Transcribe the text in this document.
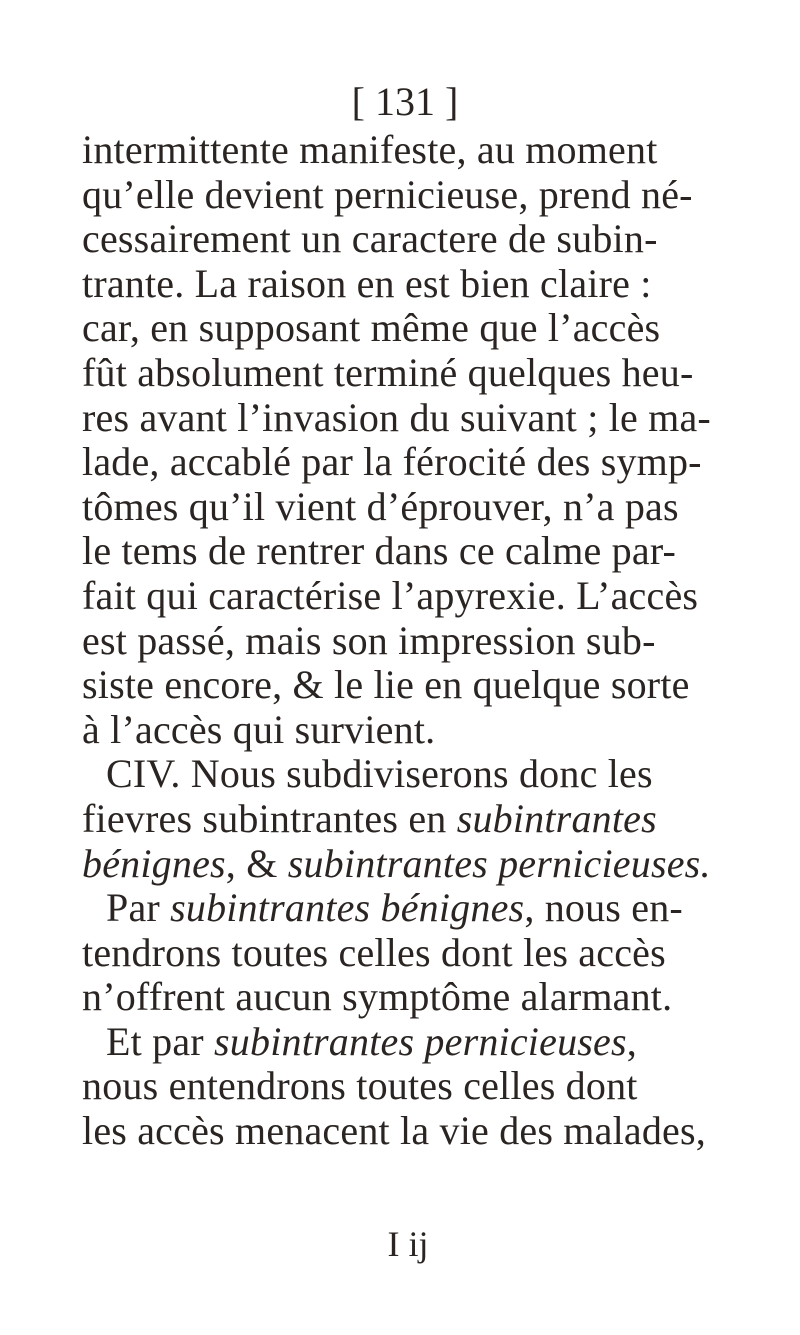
[ 131 ]
intermittente manifeste, au moment
qu’elle devient pernicieuse, prend né-
cessairement un caractere de subin-
trante. La raison en est bien claire :
car, en supposant même que l’accès
fût absolument terminé quelques heu-
res avant l’invasion du suivant ; le ma-
lade, accablé par la férocité des symp-
tômes qu’il vient d’éprouver, n’a pas
le tems de rentrer dans ce calme par-
fait qui caractérise l’apyrexie. L’accès
est passé, mais son impression sub-
siste encore, & le lie en quelque sorte
à l’accès qui survient.
CIV. Nous subdiviserons donc les
fievres subintrantes en subintrantes
bénignes, & subintrantes pernicieuses.
Par subintrantes bénignes, nous en-
tendrons toutes celles dont les accès
n’offrent aucun symptôme alarmant.
Et par subintrantes pernicieuses,
nous entendrons toutes celles dont
les accès menacent la vie des malades,
I ij
